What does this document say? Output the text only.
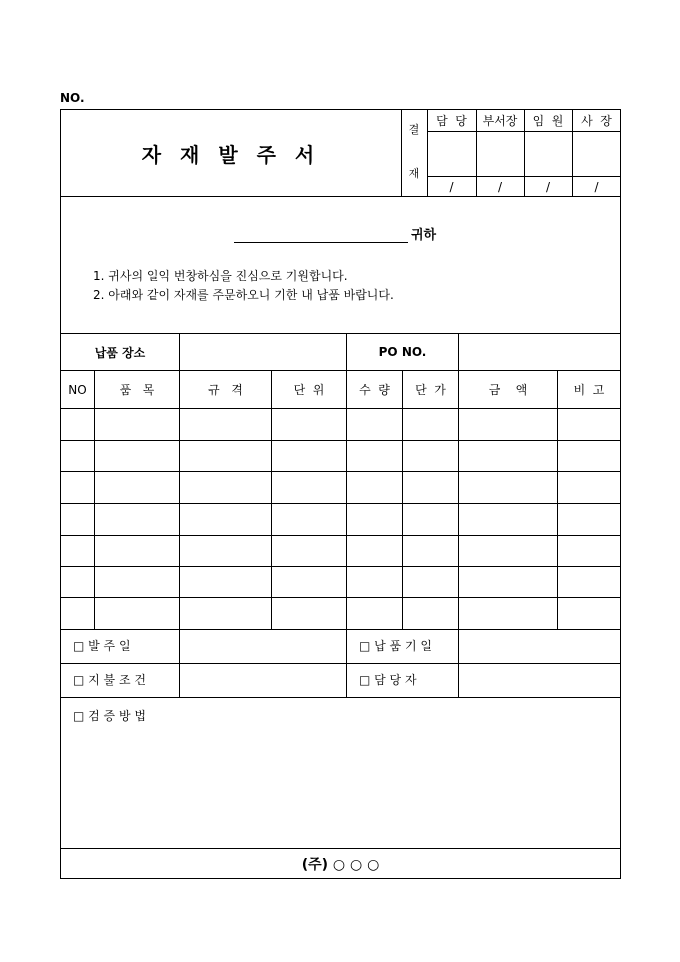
NO.
자 재 발 주 서
결
재
담  당	부서장	임  원	사  장
/	/	/	/
귀하
1. 귀사의 일익 번창하심을 진심으로 기원합니다.
2. 아래와 같이 자재를 주문하오니 기한 내 납품 바랍니다.
납품 장소	PO NO.
NO	품   목	규   격	단  위	수  량	단  가	금    액	비  고
□ 발 주 일	□ 납 품 기 일
□ 지 불 조 건	□ 담 당 자
□ 검 증 방 법
(주) ○ ○ ○
